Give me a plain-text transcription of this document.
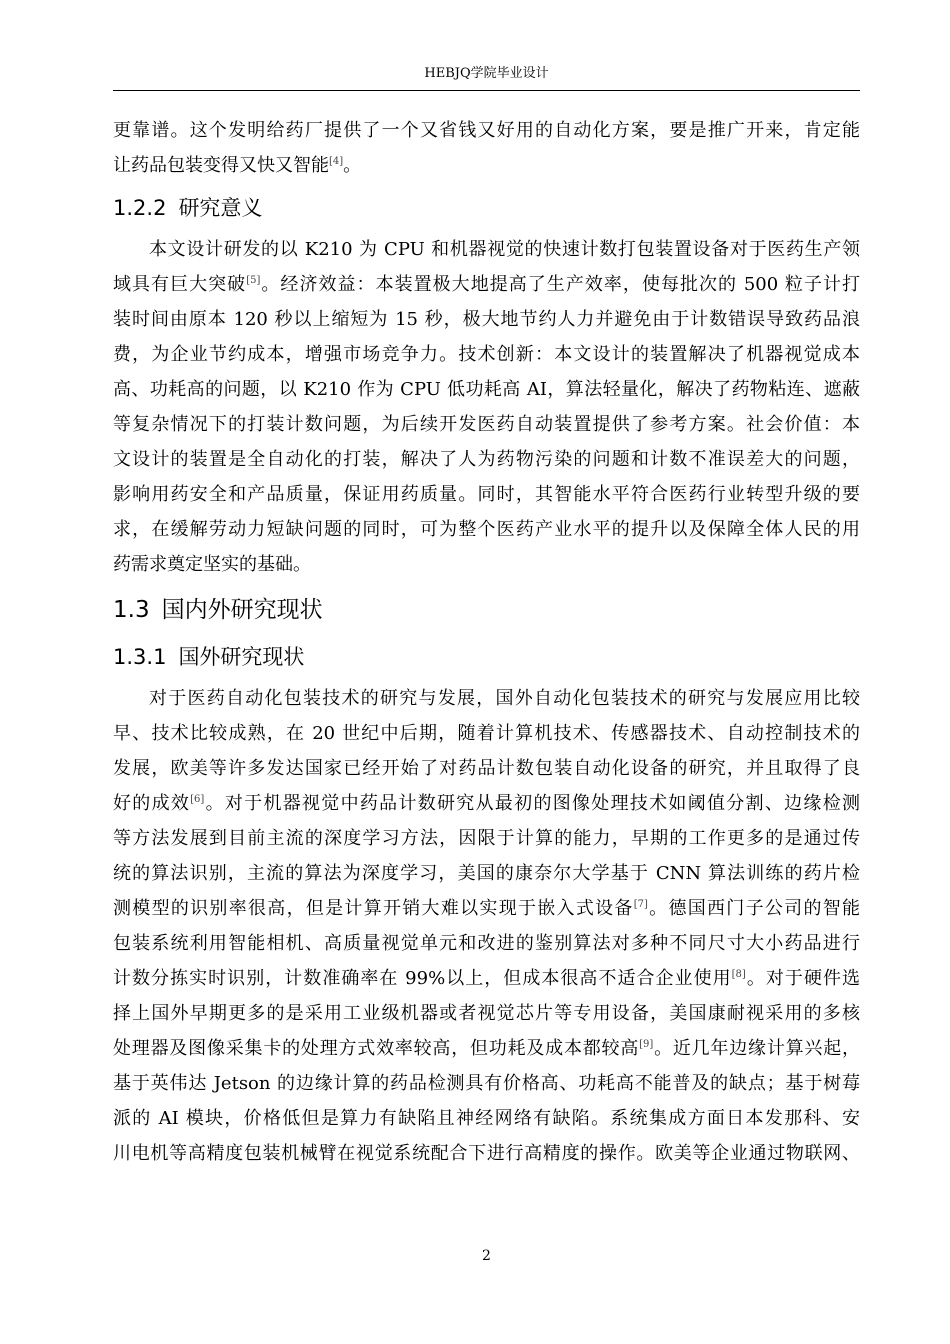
HEBJQ学院毕业设计
更靠谱。这个发明给药厂提供了一个又省钱又好用的自动化方案，要是推广开来，肯定能
让药品包装变得又快又智能[4]。
1.2.2 研究意义
本文设计研发的以 K210 为 CPU 和机器视觉的快速计数打包装置设备对于医药生产领
域具有巨大突破[5]。经济效益：本装置极大地提高了生产效率，使每批次的 500 粒子计打
装时间由原本 120 秒以上缩短为 15 秒，极大地节约人力并避免由于计数错误导致药品浪
费，为企业节约成本，增强市场竞争力。技术创新：本文设计的装置解决了机器视觉成本
高、功耗高的问题，以 K210 作为 CPU 低功耗高 AI，算法轻量化，解决了药物粘连、遮蔽
等复杂情况下的打装计数问题，为后续开发医药自动装置提供了参考方案。社会价值：本
文设计的装置是全自动化的打装，解决了人为药物污染的问题和计数不准误差大的问题，
影响用药安全和产品质量，保证用药质量。同时，其智能水平符合医药行业转型升级的要
求，在缓解劳动力短缺问题的同时，可为整个医药产业水平的提升以及保障全体人民的用
药需求奠定坚实的基础。
1.3 国内外研究现状
1.3.1 国外研究现状
对于医药自动化包装技术的研究与发展，国外自动化包装技术的研究与发展应用比较
早、技术比较成熟，在 20 世纪中后期，随着计算机技术、传感器技术、自动控制技术的
发展，欧美等许多发达国家已经开始了对药品计数包装自动化设备的研究，并且取得了良
好的成效[6]。对于机器视觉中药品计数研究从最初的图像处理技术如阈值分割、边缘检测
等方法发展到目前主流的深度学习方法，因限于计算的能力，早期的工作更多的是通过传
统的算法识别，主流的算法为深度学习，美国的康奈尔大学基于 CNN 算法训练的药片检
测模型的识别率很高，但是计算开销大难以实现于嵌入式设备[7]。德国西门子公司的智能
包装系统利用智能相机、高质量视觉单元和改进的鉴别算法对多种不同尺寸大小药品进行
计数分拣实时识别，计数准确率在 99%以上，但成本很高不适合企业使用[8]。对于硬件选
择上国外早期更多的是采用工业级机器或者视觉芯片等专用设备，美国康耐视采用的多核
处理器及图像采集卡的处理方式效率较高，但功耗及成本都较高[9]。近几年边缘计算兴起，
基于英伟达 Jetson 的边缘计算的药品检测具有价格高、功耗高不能普及的缺点；基于树莓
派的 AI 模块，价格低但是算力有缺陷且神经网络有缺陷。系统集成方面日本发那科、安
川电机等高精度包装机械臂在视觉系统配合下进行高精度的操作。欧美等企业通过物联网、
2
